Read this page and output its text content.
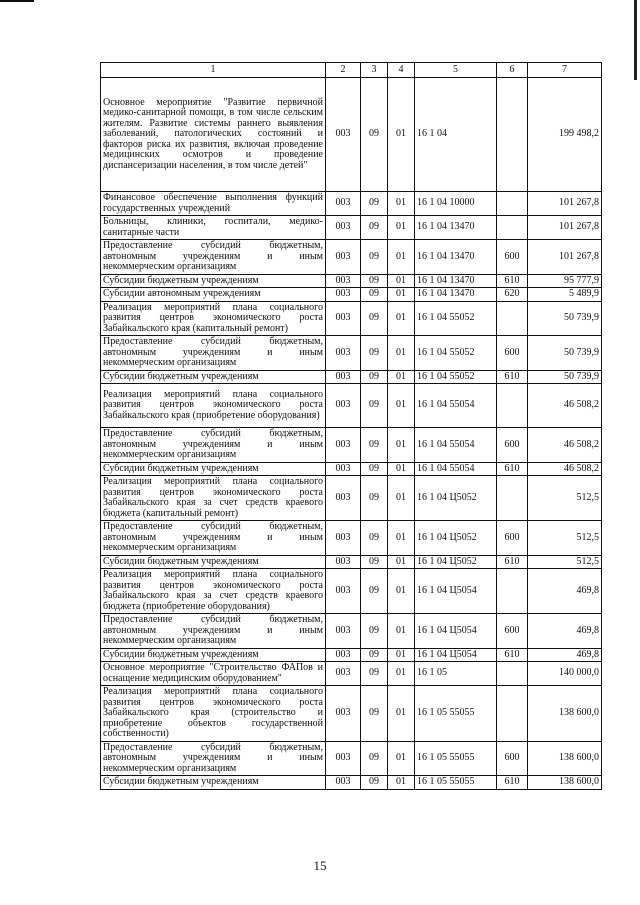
1	2	3	4	5	6	7
Основное мероприятие "Развитие первичной медико-санитарной помощи, в том числе сельским жителям. Развитие системы раннего выявления заболеваний, патологических состояний и факторов риска их развития, включая проведение медицинских осмотров и проведение диспансеризации населения, в том числе детей"	003	09	01	16 1 04		199 498,2
Финансовое обеспечение выполнения функций государственных учреждений	003	09	01	16 1 04 10000		101 267,8
Больницы, клиники, госпитали, медико-санитарные части	003	09	01	16 1 04 13470		101 267,8
Предоставление субсидий бюджетным, автономным учреждениям и иным некоммерческим организациям	003	09	01	16 1 04 13470	600	101 267,8
Субсидии бюджетным учреждениям	003	09	01	16 1 04 13470	610	95 777,9
Субсидии автономным учреждениям	003	09	01	16 1 04 13470	620	5 489,9
Реализация мероприятий плана социального развития центров экономического роста Забайкальского края (капитальный ремонт)	003	09	01	16 1 04 55052		50 739,9
Предоставление субсидий бюджетным, автономным учреждениям и иным некоммерческим организациям	003	09	01	16 1 04 55052	600	50 739,9
Субсидии бюджетным учреждениям	003	09	01	16 1 04 55052	610	50 739,9
Реализация мероприятий плана социального развития центров экономического роста Забайкальского края (приобретение оборудования)	003	09	01	16 1 04 55054		46 508,2
Предоставление субсидий бюджетным, автономным учреждениям и иным некоммерческим организациям	003	09	01	16 1 04 55054	600	46 508,2
Субсидии бюджетным учреждениям	003	09	01	16 1 04 55054	610	46 508,2
Реализация мероприятий плана социального развития центров экономического роста Забайкальского края за счет средств краевого бюджета (капитальный ремонт)	003	09	01	16 1 04 Ц5052		512,5
Предоставление субсидий бюджетным, автономным учреждениям и иным некоммерческим организациям	003	09	01	16 1 04 Ц5052	600	512,5
Субсидии бюджетным учреждениям	003	09	01	16 1 04 Ц5052	610	512,5
Реализация мероприятий плана социального развития центров экономического роста Забайкальского края за счет средств краевого бюджета (приобретение оборудования)	003	09	01	16 1 04 Ц5054		469,8
Предоставление субсидий бюджетным, автономным учреждениям и иным некоммерческим организациям	003	09	01	16 1 04 Ц5054	600	469,8
Субсидии бюджетным учреждениям	003	09	01	16 1 04 Ц5054	610	469,8
Основное мероприятие "Строительство ФАПов и оснащение медицинским оборудованием"	003	09	01	16 1 05		140 000,0
Реализация мероприятий плана социального развития центров экономического роста Забайкальского края (строительство и приобретение объектов государственной собственности)	003	09	01	16 1 05 55055		138 600,0
Предоставление субсидий бюджетным, автономным учреждениям и иным некоммерческим организациям	003	09	01	16 1 05 55055	600	138 600,0
Субсидии бюджетным учреждениям	003	09	01	16 1 05 55055	610	138 600,0
15
